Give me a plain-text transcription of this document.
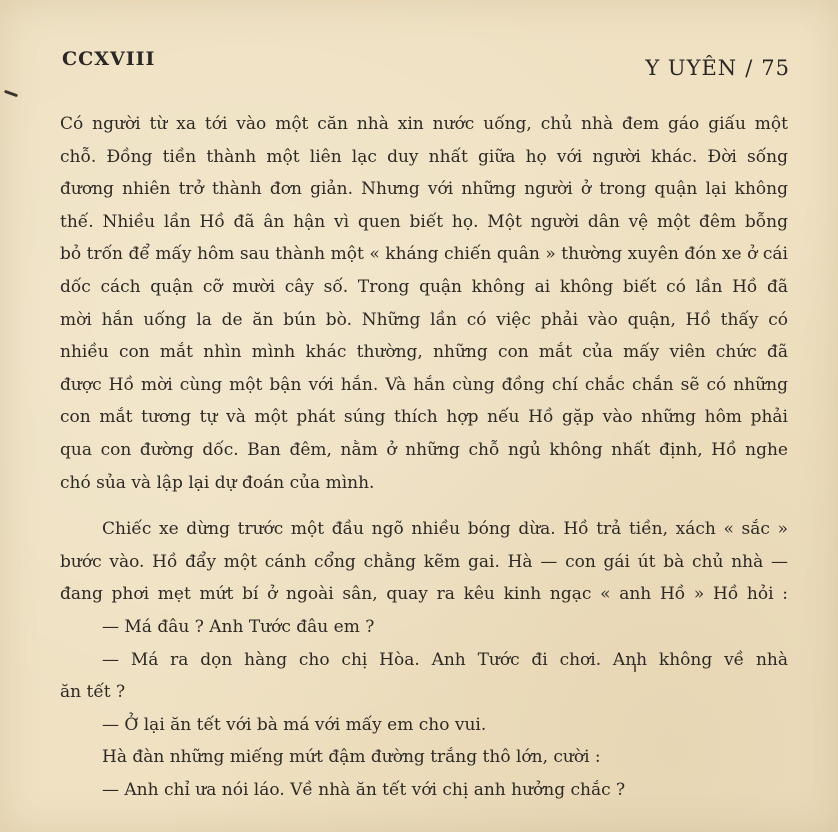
CCXVIII	Y UYÊN / 75
Có người từ xa tới vào một căn nhà xin nước uống, chủ nhà đem gáo giấu một
chỗ. Đồng tiền thành một liên lạc duy nhất giữa họ với người khác. Đời sống
đương nhiên trở thành đơn giản. Nhưng với những người ở trong quận lại không
thế. Nhiều lần Hồ đã ân hận vì quen biết họ. Một người dân vệ một đêm bỗng
bỏ trốn để mấy hôm sau thành một « kháng chiến quân » thường xuyên đón xe ở cái
dốc cách quận cỡ mười cây số. Trong quận không ai không biết có lần Hồ đã
mời hắn uống la de ăn bún bò. Những lần có việc phải vào quận, Hồ thấy có
nhiều con mắt nhìn mình khác thường, những con mắt của mấy viên chức đã
được Hồ mời cùng một bận với hắn. Và hắn cùng đồng chí chắc chắn sẽ có những
con mắt tương tự và một phát súng thích hợp nếu Hồ gặp vào những hôm phải
qua con đường dốc. Ban đêm, nằm ở những chỗ ngủ không nhất định, Hồ nghe
chó sủa và lập lại dự đoán của mình.
Chiếc xe dừng trước một đầu ngõ nhiều bóng dừa. Hồ trả tiền, xách « sắc »
bước vào. Hồ đẩy một cánh cổng chằng kẽm gai. Hà — con gái út bà chủ nhà —
đang phơi mẹt mứt bí ở ngoài sân, quay ra kêu kinh ngạc « anh Hồ » Hồ hỏi :
— Má đâu ? Anh Tước đâu em ?
— Má ra dọn hàng cho chị Hòa. Anh Tước đi chơi. Anh không về nhà
ăn tết ?
— Ở lại ăn tết với bà má với mấy em cho vui.
Hà đàn những miếng mứt đậm đường trắng thô lớn, cười :
— Anh chỉ ưa nói láo. Về nhà ăn tết với chị anh hưởng chắc ?
